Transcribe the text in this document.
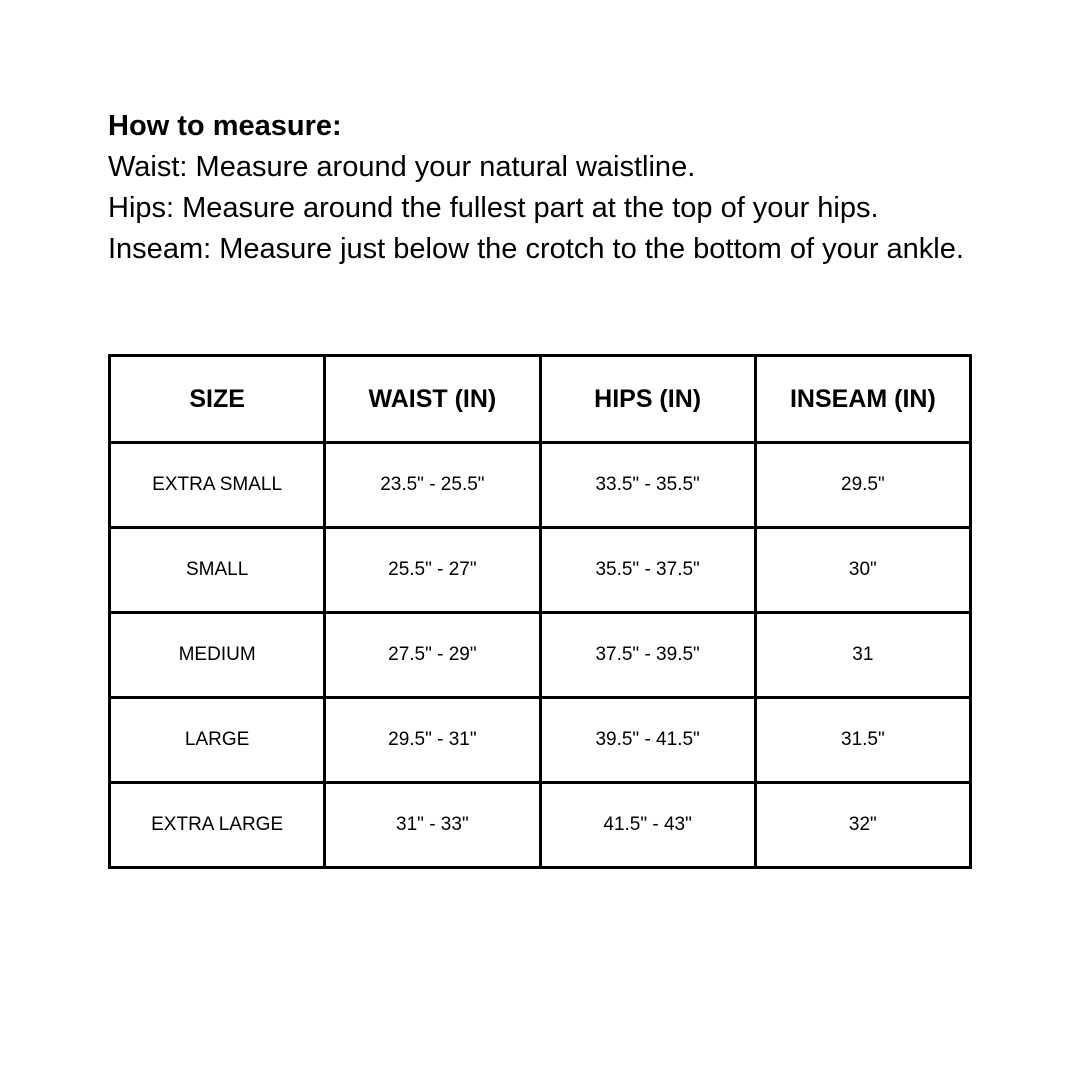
How to measure:
Waist: Measure around your natural waistline.
Hips: Measure around the fullest part at the top of your hips.
Inseam: Measure just below the crotch to the bottom of your ankle.
SIZE	WAIST (IN)	HIPS (IN)	INSEAM (IN)
EXTRA SMALL	23.5" - 25.5"	33.5" - 35.5"	29.5"
SMALL	25.5" - 27"	35.5" - 37.5"	30"
MEDIUM	27.5" - 29"	37.5" - 39.5"	31
LARGE	29.5" - 31"	39.5" - 41.5"	31.5"
EXTRA LARGE	31" - 33"	41.5" - 43"	32"
